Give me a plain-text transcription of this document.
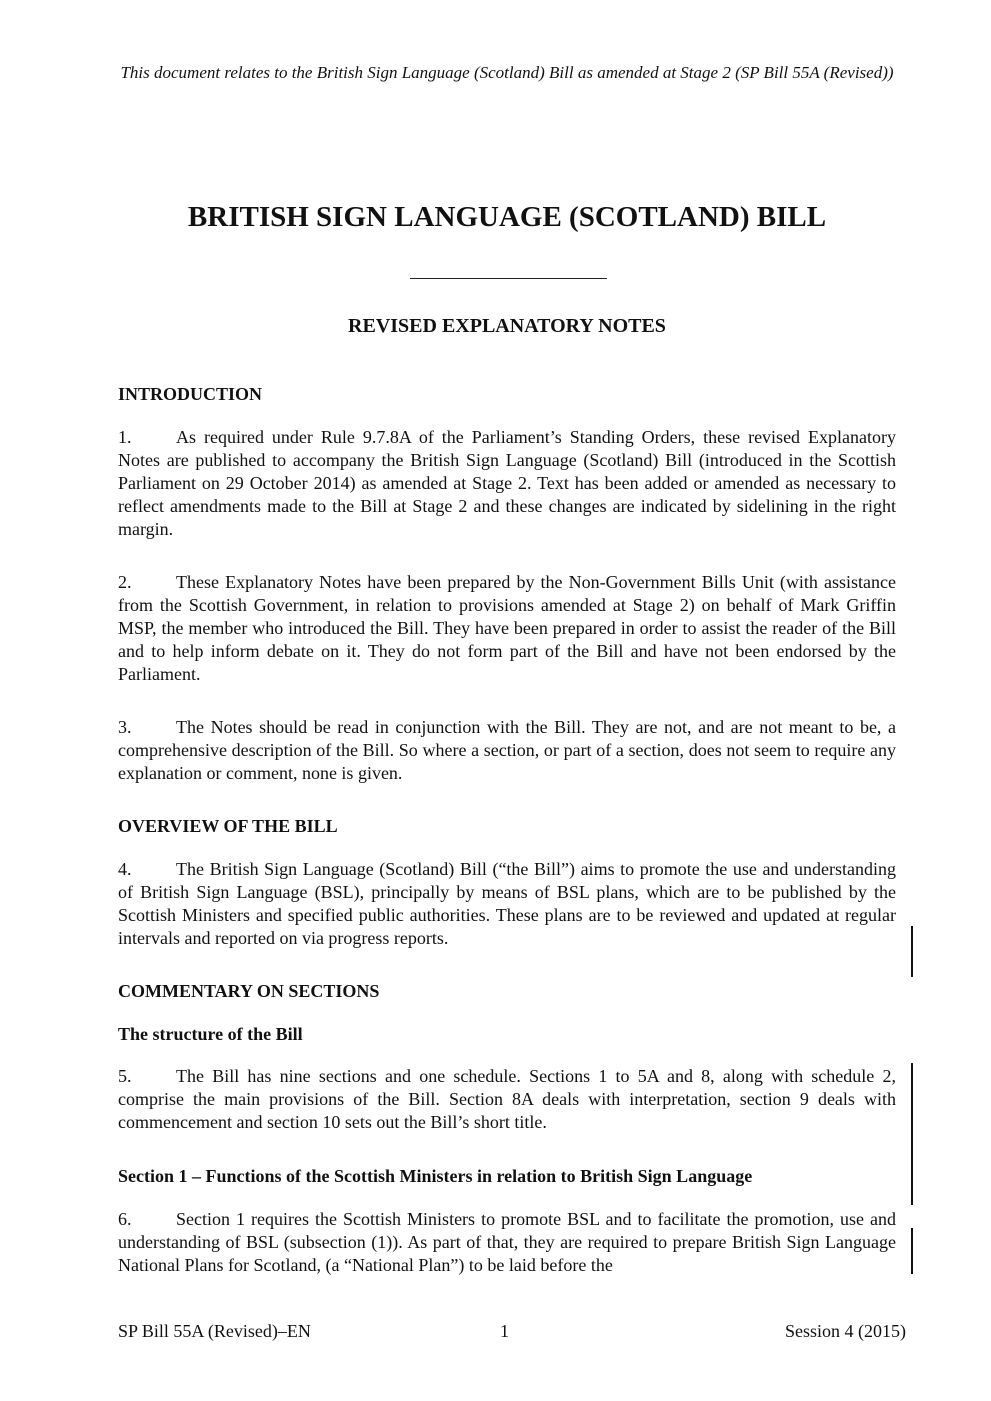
This document relates to the British Sign Language (Scotland) Bill as amended at Stage 2 (SP Bill 55A (Revised))
BRITISH SIGN LANGUAGE (SCOTLAND) BILL
REVISED EXPLANATORY NOTES
INTRODUCTION
1. As required under Rule 9.7.8A of the Parliament’s Standing Orders, these revised Explanatory Notes are published to accompany the British Sign Language (Scotland) Bill (introduced in the Scottish Parliament on 29 October 2014) as amended at Stage 2. Text has been added or amended as necessary to reflect amendments made to the Bill at Stage 2 and these changes are indicated by sidelining in the right margin.
2. These Explanatory Notes have been prepared by the Non-Government Bills Unit (with assistance from the Scottish Government, in relation to provisions amended at Stage 2) on behalf of Mark Griffin MSP, the member who introduced the Bill. They have been prepared in order to assist the reader of the Bill and to help inform debate on it. They do not form part of the Bill and have not been endorsed by the Parliament.
3. The Notes should be read in conjunction with the Bill. They are not, and are not meant to be, a comprehensive description of the Bill. So where a section, or part of a section, does not seem to require any explanation or comment, none is given.
OVERVIEW OF THE BILL
4. The British Sign Language (Scotland) Bill (“the Bill”) aims to promote the use and understanding of British Sign Language (BSL), principally by means of BSL plans, which are to be published by the Scottish Ministers and specified public authorities. These plans are to be reviewed and updated at regular intervals and reported on via progress reports.
COMMENTARY ON SECTIONS
The structure of the Bill
5. The Bill has nine sections and one schedule. Sections 1 to 5A and 8, along with schedule 2, comprise the main provisions of the Bill. Section 8A deals with interpretation, section 9 deals with commencement and section 10 sets out the Bill’s short title.
Section 1 – Functions of the Scottish Ministers in relation to British Sign Language
6. Section 1 requires the Scottish Ministers to promote BSL and to facilitate the promotion, use and understanding of BSL (subsection (1)). As part of that, they are required to prepare British Sign Language National Plans for Scotland, (a “National Plan”) to be laid before the
SP Bill 55A (Revised)–EN	1	Session 4 (2015)
